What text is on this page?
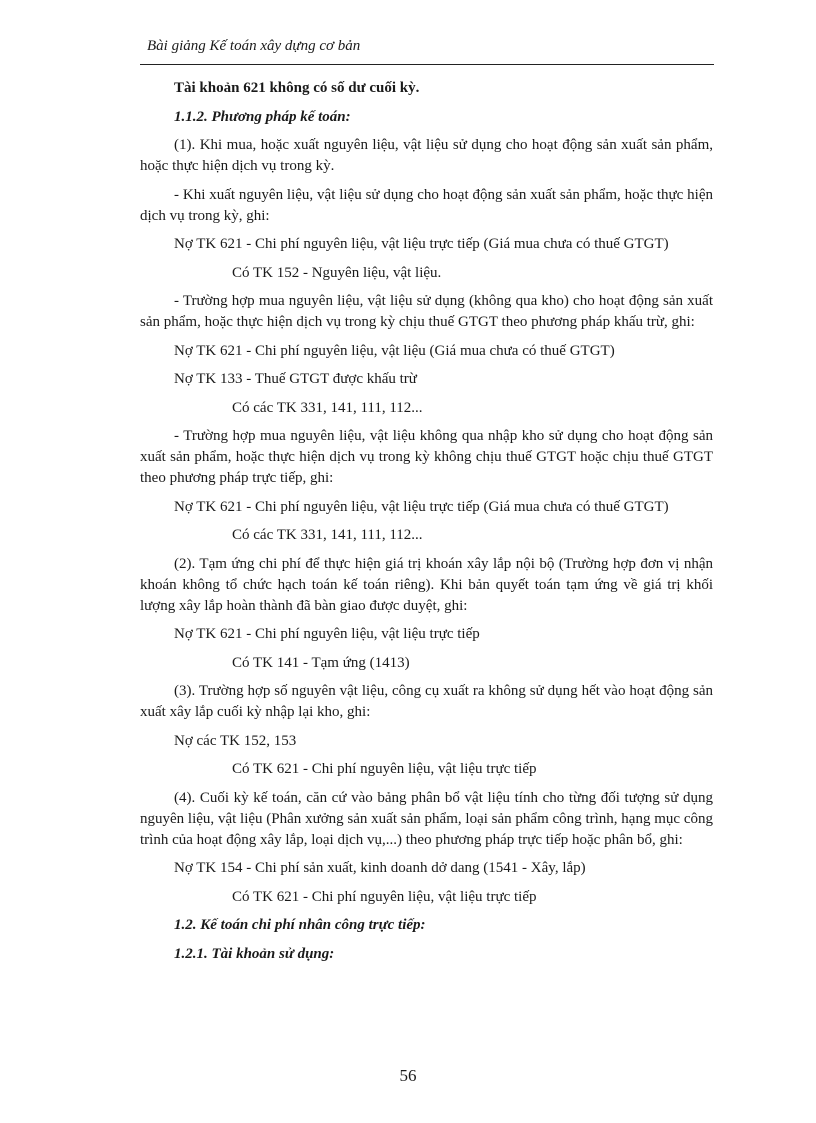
Bài giảng Kế toán xây dựng cơ bản

Tài khoản 621 không có số dư cuối kỳ.

1.1.2. Phương pháp kế toán:

(1). Khi mua, hoặc xuất nguyên liệu, vật liệu sử dụng cho hoạt động sản xuất sản phẩm, hoặc thực hiện dịch vụ trong kỳ.

- Khi xuất nguyên liệu, vật liệu sử dụng cho hoạt động sản xuất sản phẩm, hoặc thực hiện dịch vụ trong kỳ, ghi:

Nợ TK 621 - Chi phí nguyên liệu, vật liệu trực tiếp (Giá mua chưa có thuế GTGT)

Có TK 152 - Nguyên liệu, vật liệu.

- Trường hợp mua nguyên liệu, vật liệu sử dụng (không qua kho) cho hoạt động sản xuất sản phẩm, hoặc thực hiện dịch vụ trong kỳ chịu thuế GTGT theo phương pháp khấu trừ, ghi:

Nợ TK 621 - Chi phí nguyên liệu, vật liệu (Giá mua chưa có thuế GTGT)

Nợ TK 133 - Thuế GTGT được khấu trừ

Có các TK 331, 141, 111, 112...

- Trường hợp mua nguyên liệu, vật liệu không qua nhập kho sử dụng cho hoạt động sản xuất sản phẩm, hoặc thực hiện dịch vụ trong kỳ không chịu thuế GTGT hoặc chịu thuế GTGT theo phương pháp trực tiếp, ghi:

Nợ TK 621 - Chi phí nguyên liệu, vật liệu trực tiếp (Giá mua chưa có thuế GTGT)

Có các TK 331, 141, 111, 112...

(2). Tạm ứng chi phí để thực hiện giá trị khoán xây lắp nội bộ (Trường hợp đơn vị nhận khoán không tổ chức hạch toán kế toán riêng). Khi bản quyết toán tạm ứng về giá trị khối lượng xây lắp hoàn thành đã bàn giao được duyệt, ghi:

Nợ TK 621 - Chi phí nguyên liệu, vật liệu trực tiếp

Có TK 141 - Tạm ứng (1413)

(3). Trường hợp số nguyên vật liệu, công cụ xuất ra không sử dụng hết vào hoạt động sản xuất xây lắp cuối kỳ nhập lại kho, ghi:

Nợ các TK 152, 153

Có TK 621 - Chi phí nguyên liệu, vật liệu trực tiếp

(4). Cuối kỳ kế toán, căn cứ vào bảng phân bổ vật liệu tính cho từng đối tượng sử dụng nguyên liệu, vật liệu (Phân xưởng sản xuất sản phẩm, loại sản phẩm công trình, hạng mục công trình của hoạt động xây lắp, loại dịch vụ,...) theo phương pháp trực tiếp hoặc phân bổ, ghi:

Nợ TK 154 - Chi phí sản xuất, kinh doanh dở dang (1541 - Xây, lắp)

Có TK 621 - Chi phí nguyên liệu, vật liệu trực tiếp

1.2. Kế toán chi phí nhân công trực tiếp:

1.2.1. Tài khoản sử dụng:

56
